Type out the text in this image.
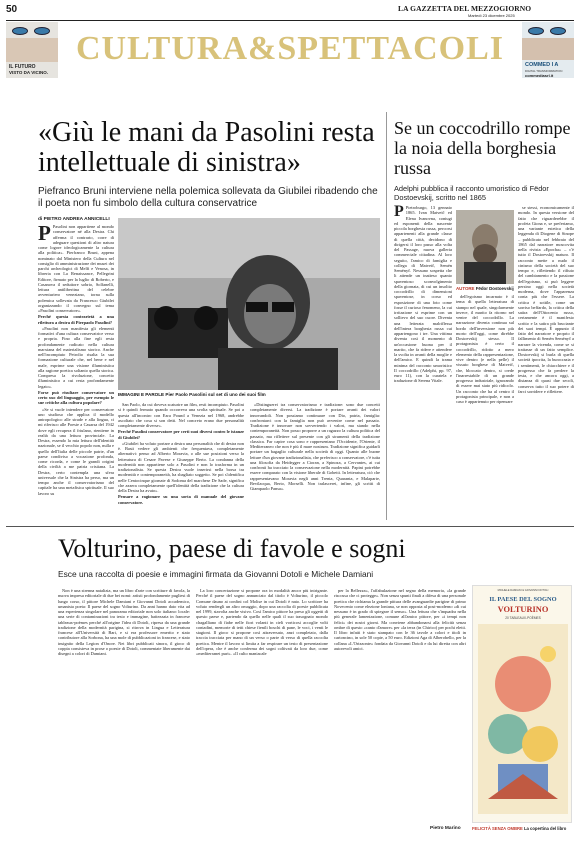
50	LA GAZZETTA DEL MEZZOGIORNO
Martedì 23 dicembre 2025
IL FUTURO
VISTO DA VICINO.
CULTURA&SPETTACOLI	COMMED I A
DIGITAL TRANSFORMATION
commediasrl.it
«Giù le mani da Pasolini resta intellettuale di sinistra»
Piefranco Bruni interviene nella polemica sollevata da Giubilei ribadendo che il poeta non fu simbolo della cultura conservatrice
di PIETRO ANDREA ANNICELLI

P Pasolini non appartiene al mondo conservatore né alla Destra. Chi afferma il contrario, corre di adeguare questioni di altro natura come logore ideologicamente la cultura alla politica». Pierfranco Bruni, appena nominato dal Ministero della Cultura nel consiglio di amministrazione dei musei dei parchi archeologici di Melfi e Venosa, in libreria con La Renaissance, Pellegrini Editore, firmato per la luglio di Roberto, e Casanova il seduttore sobrio, Solfanelli, lettura antiliberitna del celebre avventuriero veneziano, torna sulla polemica sollevata da Francesco Giubilei organizzando il convegno sul tema «Pasolini conservatore».

Perché questa contrarietà a una rilettura a destra di Pierpaolo Pasolini?

«Pasolini non manifesta gli elementi formativi d'una cultura conservatrice verso e propria. Fino alla fine egli resta profondamente radicato nella cultura marxiana del materialismo storico. Anche nell'incompiuto Petrolio risalta la sua formazione culturale che, nel bene e nel male, esprime una visione illuministica alla ragione poetica soltanto quella storica. Compresa la rivoluzione, concetto illuministico a cui resta profondamente legato».

Forse può risultare conservatore un certo uso del linguaggio, per esempio le sue critiche alla cultura popolare?

«Se si vuole intendere per conservatore uno studioso che applica il modello antropologico alle strade e alla lingua, ci mi riferisco alle Poesie a Casarsa del 1942 dove egli recupera il friulano, rientiene in realtà da una lettura provinciale. La Destra, essendo la mia lettura dell'identità nazionale, se il vecchio popolo non, nulla e quello dell'Italia delle piccole patrie, d'un paese condiviso a vocazione profonda, come ricorda, e come le grandi origini della civiltà a me patria cristiana. La Destra, certo contempla una sfera universale che la Sinistra ha perso, ma un tempo anche il conservatorismo del capitale ha una metafisica spirituale. Il suo lavoro su

IMMAGINI E PAROLE Pier Paolo Pasolini sul set di uno dei suoi film

San Paolo, da cui doveva scaturire un film, resti incompiuto. Pasolini si è quindi fermato quando occorreva una svolta spirituale. Se poi a questa all'incontro con Ezra Pound a Venezia nel 1968, andrebbe ascoltato che cosa si son detti. Nel concreto erano due personalità completamente diverse».

Perché Pasolini conservatore per certi suoi diversi contro le istanze di Giubilei?

«Giubilei ha voluto portare a destra una personalità che di destra non è. Basti vedere gli ambienti che frequentava, completamente alternativi: penso ad Alberto Moravia, o alle sue posizioni verso la letteratura di Cesare Pavese e Giuseppe Berto. La condanna della modernità non appartiene solo a Pasolini e non lo trasforma in un tradizionalista. Se questa Destra vuole inserirsi nella borsa tra modernità e contemporaneità, ha sbagliato soggetto. Se poi s'identifica nelle Centocinque giornate di Sodoma del marchese De Sade, significa che azzera completamente quell'identità della tradizione che la cultura della Destra ha avuto».

Pensare a ragionare su una sorta di manuale del giovane conservatore.

«Distinguerei tra conservatorismo e tradizione: sono due concetti completamente diversi. La tradizione è portare avanti dei valori innovandoli. Non possiamo continuare con Dio, patria, famiglia: confrontarci con la famiglia non può avvenire come nel passato. Tradizione è innovare non sovvertendo i valori, ma stando nella contemporaneità. Non posso proporre a un ragazzo la cultura politica del passato, ma riflettere sul presente con gli strumenti della tradizione classica. Far capire cosa sono e rappresentano l'Occidente, l'Oriente, il Mediterraneo che non è più il mare nostrum. Tradizione significa guidarli portare un bagaglio culturale nella società di oggi. Quanto alle buone letture d'un giovane tradizionalista, che preferisco a conservatore, c'è tutta una filosofia da Heidegger a Cioran, a Spinoza, a Cervantes, ai cui confronti ha tracciato la conservazione nella modernità. Papini potrebbe essere comparato con la visione liberale di Gobetti. In letteratura, ciò che rappresentavano Moravia negli anni Trenta, Quaranta, e Malaparte, Bevilacqua, Berto, Morselli. Non tralascerei, infine, gli scritti di Giampaolo Pansa».

Se un coccodrillo rompe la noia della borghesia russa
Adelphi pubblica il racconto umoristico di Fëdor Dostoevskij, scritto nel 1865

P Pietroburgo, 13 gennaio 1865. Ivan Matveič ed Elena Ivanovna, coniugi ed esponenti della nascente piccola borghesia russa, percorsi appartenenti alla grande classe di quella città, decidono di dirigersi il loro passo alla volta del Passage, nuova galleria commerciale cittadina. Al loro seguito, l'amico di famiglia e collega di Matveič, Semën Semënyč. Nessuno sospetta che li attende un inatteso quanto spaventoso sconvolgimento della giornata, di cui un insolito coccodrillo di dimensioni spaventose, in corso ed esposizione di una foto come fosse il curioso fenomeno, la cui irritazione si esprime con un sollievo del suo cuore. Diventa una letterata malriflessa dell'intera borghesia russa cui appartengono i tre. Una vittima diventa così il momento di un'occasione buona per il marito, che fa ridere e attendere la svolta in avanti della moglie e dell'amico. E quindi la trama minima del racconto umoristico Il coccodrillo (Adelphi, pp. 97, euro 11), con la curatela e traduzione di Serena Vitale.

AUTORE Fëdor Dostoevskij

dell'egoismo incarnato è il tema di quella letteratura di stampo nel quale, singolarmente invece, il marito fa ritorno nel ventre del coccodrillo. La narrazione diventa continua sul bordo dell'inversione non più morto dell'oggi, come direbbe Dostoevskij stesso. Il protagonista è certo il coccodrillo, ridotto a mero elemento della rappresentazione, vive dentro (e nella pelle) il vissuto borghese di Matveič, che, bloccato dentro, si crede l'inarrestabile di un grande progresso industriale, ignorando di essere mai stato più ridicolo. Un racconto che ha al centro il protagonista principale, e non a caso è appartenuto per ripensare

se stessi, economicamente il mondo. In questa versione del fatto che riguarderebbe il profeta Giona e, se preferiamo, una variante estetica della leggenda di Diogene di Sinope – pubblicato nel febbraio del 1865 dal narratore moscovita nella rivista «Epocha» – c'è tutto il Dostoevskij maturo. Il racconto mette a nudo il cinismo della società del suo tempo e, riflettendo il rifiuto del cambiamento e la passione dell'egoismo, si può leggere persino oggi nella società moderna, dove l'apparenza conta più che l'essere. La critica è sottile, come un sorriso beffardo, la critica della satira dell'Ottocento russo, certamente è il manifesto scritto e la satira più bruciante dei suoi tempi. È appunto il fatto del narratore e proprio il fallimento di Semën Semënyč a narrare la vicenda, come se si trattasse di un fatto semplice. Dostoevskij si burla di quella società ipocrita, la burocrazia e i sentimenti, le chiacchiere e il progresso che fa perdere la testa, e che ancora oggi, a distanza di quasi due secoli, conserva tutto il suo potere di farci sorridere e riflettere.

Volturino, paese di favole e sogni
Esce una raccolta di poesie e immagini firmata da Giovanni Dotoli e Michele Damiani

Non è una strenna natalizia, ma un libro d'arte con scritture di favola, la nuova impresa editoriale di due bei nomi: artisti profondamente pugliesi di lungo corso, il pittore Michele Damiani e Giovanni Dotoli accademico, umanista poeta: Il paese del sogno Volturino. Da anni hanno dato vita ad una esperienza singolare nel panorama editoriale non solo italiano: locale: una serie di contaminazioni tra testo e immagine, battezzata in francese tableaux-poèmes perché all'origine l'idea di Dotoli, ripresa da una grande tradizione della modernità parigina, si ritrova in Lingua e Letteratura francese all'Università di Bari, e si era professore emerito e stato contributore alla Sorbona, ha una mole di pubblicazioni in francese, e stato insignito della Legion d'Onore. Nei libri pubblicati sinora, il gioco di coppia consisteva in prose o poesie di Dotoli, commentate liberamente dai disegni a colori di Damiani.

La loro concertazione si propone ora in modalità ancor più intrigante. Perché il paese del sogno annunciato dal titolo è Volturino, il piccolo Comune dauno ai confini col Molise in cui Dotoli è nato. Lo scrittore ha voluto rendergli un altro omaggio, dopo una raccolta di poesie pubblicata nel 1999, stavolta anche visivo. Così l'amico pittore ha preso gli oggetti di questo paese e, partendo da quello nelle quali il suo trasognato mondo chagalliano di fiabe nelle fiori volanti in cieli vorticosi accoglie volti contadini, memorie di tetti chiese fienili boschi di pane, le voci, i venti le stagioni. Il gioco si propone così attraversato, anzi completato, dalla traccia tracciata per mano di un verso o parte di verso di quella raccolta poetica. Mentre il lavoro si limita a far respirare un testo di presentazione dell'opera, che è anche conferma dei sogni coltivati da loro due, come «mediterranei puri». «Il culto maniacale

per la Bellezza», l'affabulazione nel segno della memoria, «la grande riscossa che ci protegge». Non senza spunti finali a difesa di una personale poetica che richiama la grande pittura delle avanguardie parigine di primo Novecento come elezione lontana, se non opposta al post-moderno «di cui nessuno è in grado di spiegare il senso». Una lettura che s'inquadra nella più generale lamentazione, comune all'amico pittore, per «i tempi non felici» dei nostri giorni. Ma conviene abbandonarsi alla felicità senza ombre di questo «canto d'amore» per «la terra (in Chirico) per pochi eletti. Il libro infatti è stato stampato con le 36 tavole a colori e titoli in cartoncino, in sole 50 copie, a 50 euro. Edizioni Aga di Alberobello, per la collana «L'Orizzonte» fondata da Giovanni Dotoli e da lui diretta con altri autorevoli amici.

Pietro Marino
MICHELE DAMIANI & GIOVANNI DOTOLI
IL PAESE DEL SOGNO
VOLTURINO
20 TABLEAUX-POÈMES
FELICITÀ SENZA OMBRE La copertina del libro
